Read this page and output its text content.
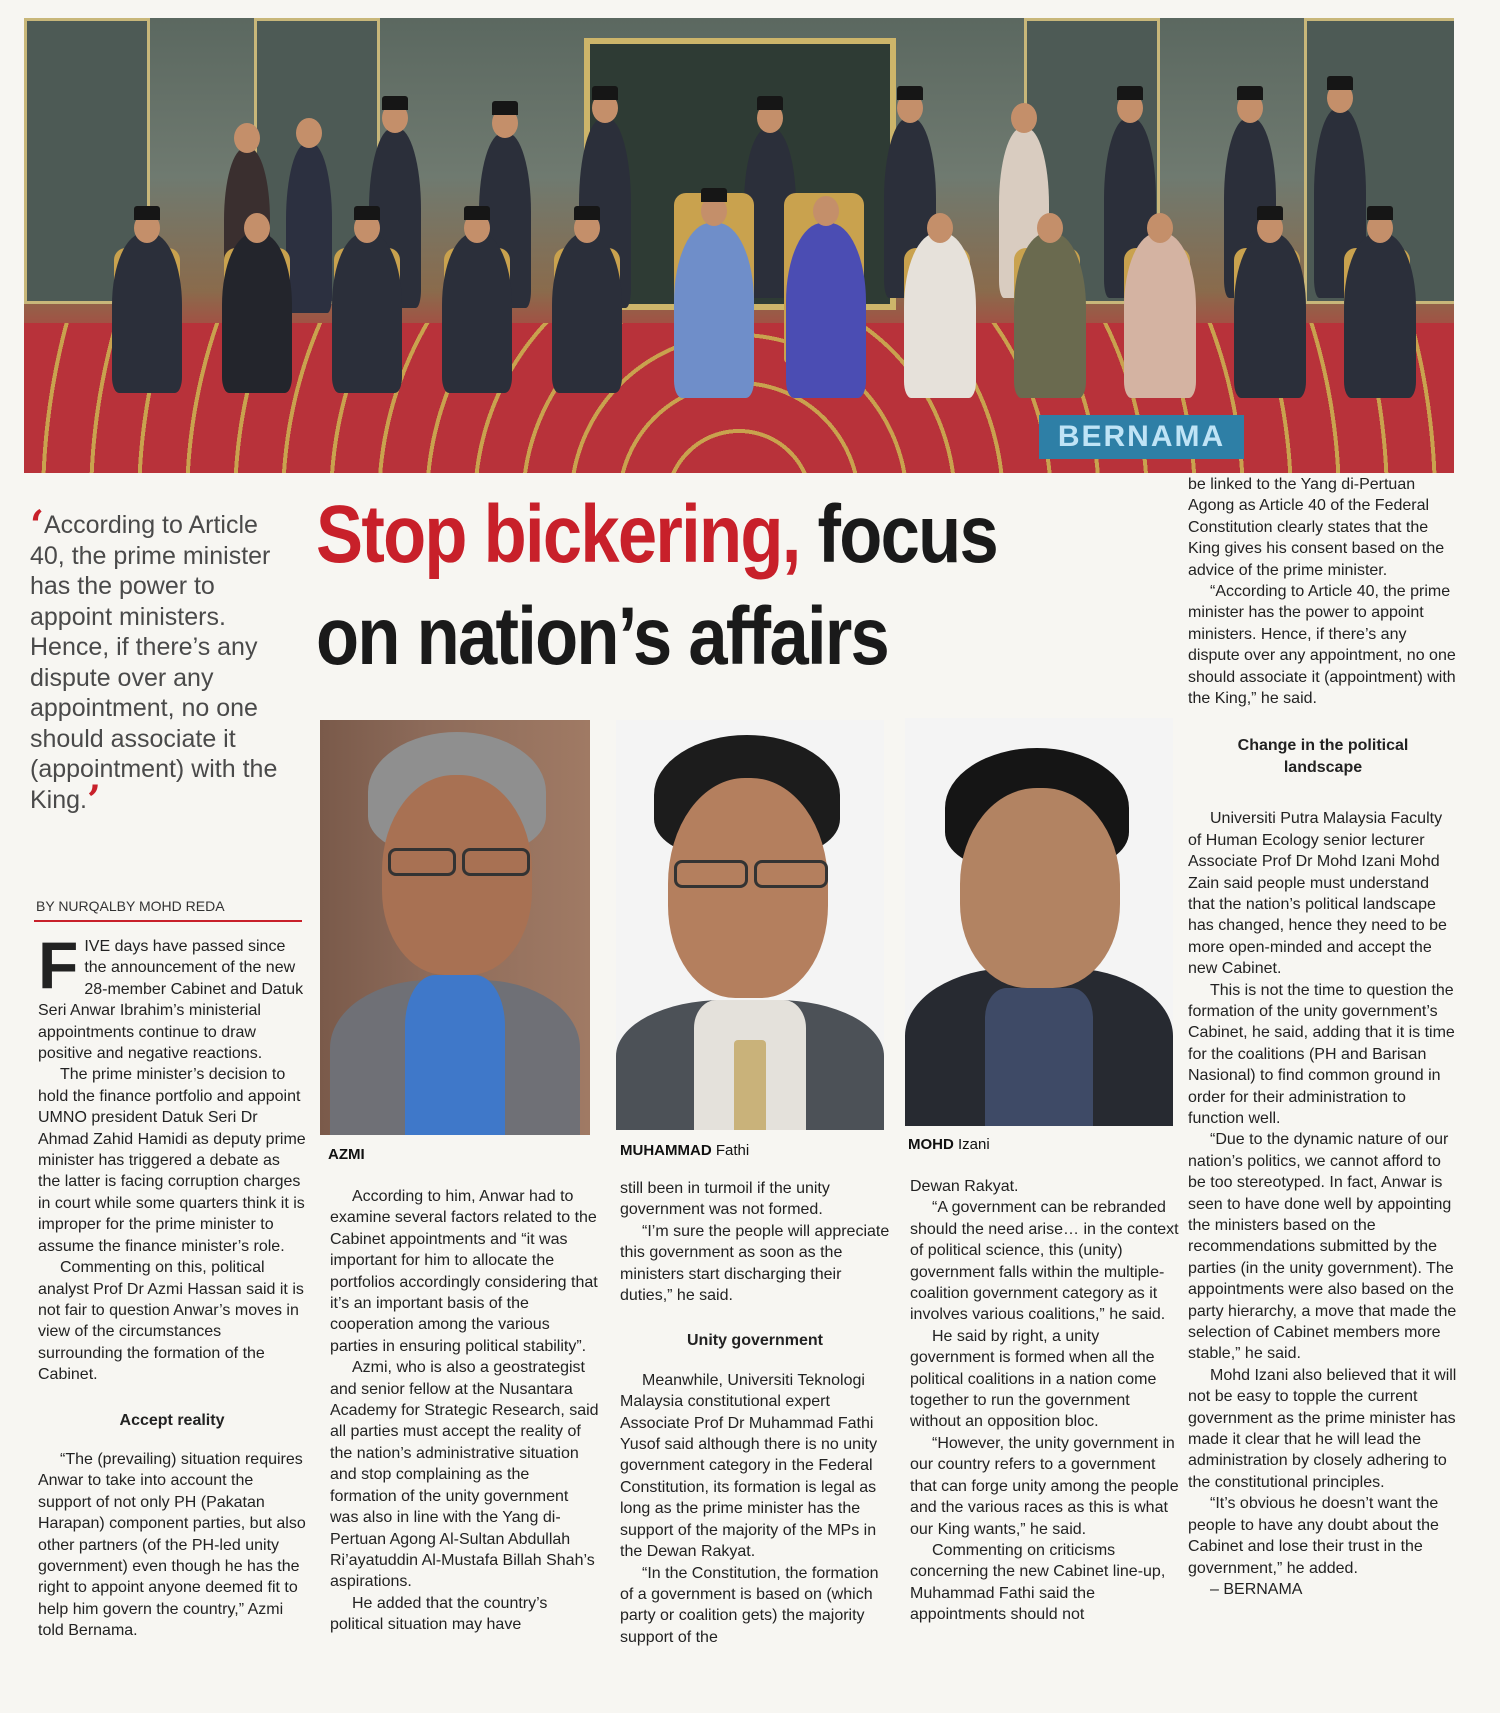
BERNAMA
‘According to Article 40, the prime minister has the power to appoint ministers. Hence, if there’s any dispute over any appointment, no one should associate it (appointment) with the King.’
Stop bickering, focus
on nation’s affairs
BY NURQALBY MOHD REDA
AZMI	MUHAMMAD Fathi	MOHD Izani

FIVE days have passed since the announcement of the new 28-member Cabinet and Datuk Seri Anwar Ibrahim’s ministerial appointments continue to draw positive and negative reactions.

The prime minister’s decision to hold the finance portfolio and appoint UMNO president Datuk Seri Dr Ahmad Zahid Hamidi as deputy prime minister has triggered a debate as the latter is facing corruption charges in court while some quarters think it is improper for the prime minister to assume the finance minister’s role.

Commenting on this, political analyst Prof Dr Azmi Hassan said it is not fair to question Anwar’s moves in view of the circumstances surrounding the formation of the Cabinet.

Accept reality

“The (prevailing) situation requires Anwar to take into account the support of not only PH (Pakatan Harapan) component parties, but also other partners (of the PH-led unity government) even though he has the right to appoint anyone deemed fit to help him govern the country,” Azmi told Bernama.

According to him, Anwar had to examine several factors related to the Cabinet appointments and “it was important for him to allocate the portfolios accordingly considering that it’s an important basis of the cooperation among the various parties in ensuring political stability”.

Azmi, who is also a geostrategist and senior fellow at the Nusantara Academy for Strategic Research, said all parties must accept the reality of the nation’s administrative situation and stop complaining as the formation of the unity government was also in line with the Yang di-Pertuan Agong Al-Sultan Abdullah Ri’ayatuddin Al-Mustafa Billah Shah’s aspirations.

He added that the country’s political situation may have

still been in turmoil if the unity government was not formed.

“I’m sure the people will appreciate this government as soon as the ministers start discharging their duties,” he said.

Unity government

Meanwhile, Universiti Teknologi Malaysia constitutional expert Associate Prof Dr Muhammad Fathi Yusof said although there is no unity government category in the Federal Constitution, its formation is legal as long as the prime minister has the support of the majority of the MPs in the Dewan Rakyat.

“In the Constitution, the formation of a government is based on (which party or coalition gets) the majority support of the

Dewan Rakyat.

“A government can be rebranded should the need arise… in the context of political science, this (unity) government falls within the multiple-coalition government category as it involves various coalitions,” he said.

He said by right, a unity government is formed when all the political coalitions in a nation come together to run the government without an opposition bloc.

“However, the unity government in our country refers to a government that can forge unity among the people and the various races as this is what our King wants,” he said.

Commenting on criticisms concerning the new Cabinet line-up, Muhammad Fathi said the appointments should not

be linked to the Yang di-Pertuan Agong as Article 40 of the Federal Constitution clearly states that the King gives his consent based on the advice of the prime minister.

“According to Article 40, the prime minister has the power to appoint ministers. Hence, if there’s any dispute over any appointment, no one should associate it (appointment) with the King,” he said.

Change in the political landscape

Universiti Putra Malaysia Faculty of Human Ecology senior lecturer Associate Prof Dr Mohd Izani Mohd Zain said people must understand that the nation’s political landscape has changed, hence they need to be more open-minded and accept the new Cabinet.

This is not the time to question the formation of the unity government’s Cabinet, he said, adding that it is time for the coalitions (PH and Barisan Nasional) to find common ground in order for their administration to function well.

“Due to the dynamic nature of our nation’s politics, we cannot afford to be too stereotyped. In fact, Anwar is seen to have done well by appointing the ministers based on the recommendations submitted by the parties (in the unity government). The appointments were also based on the party hierarchy, a move that made the selection of Cabinet members more stable,” he said.

Mohd Izani also believed that it will not be easy to topple the current government as the prime minister has made it clear that he will lead the administration by closely adhering to the constitutional principles.

“It’s obvious he doesn’t want the people to have any doubt about the Cabinet and lose their trust in the government,” he added.

– BERNAMA
